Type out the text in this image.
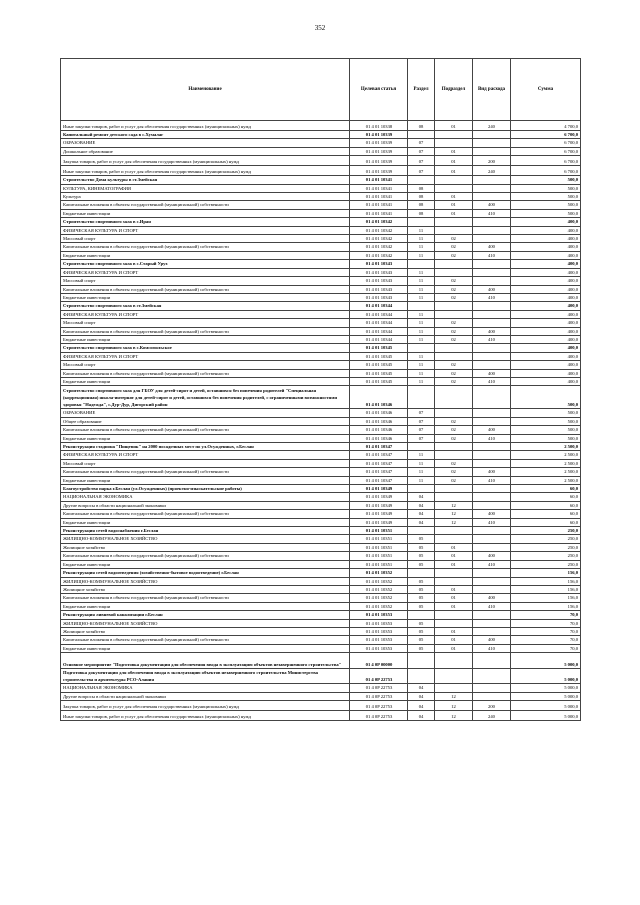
352
Наименование	Целевая статья	Раздел	Подраздел	Вид расхода	Сумма
Иные закупки товаров, работ и услуг для обеспечения государственных (муниципальных) нужд	01 4 01 10338	08	01	240	4 700,0
Капитальный ремонт детского сада в с.Хумалаг	01 4 01 10339				6 700,0
ОБРАЗОВАНИЕ	01 4 01 10339	07			6 700,0
Дошкольное образование	01 4 01 10339	07	01		6 700,0
Закупка товаров, работ и услуг для обеспечения государственных (муниципальных) нужд	01 4 01 10339	07	01	200	6 700,0
Иные закупки товаров, работ и услуг для обеспечения государственных (муниципальных) нужд	01 4 01 10339	07	01	240	6 700,0
Строительство Дома культуры в ст.Змейская	01 4 01 10341				500,0
КУЛЬТУРА, КИНЕМАТОГРАФИЯ	01 4 01 10341	08			500,0
Культура	01 4 01 10341	08	01		500,0
Капитальные вложения в объекты государственной (муниципальной) собственности	01 4 01 10341	08	01	400	500,0
Бюджетные инвестиции	01 4 01 10341	08	01	410	500,0
Строительство спортивного зала в с.Иран	01 4 01 10342				400,0
ФИЗИЧЕСКАЯ КУЛЬТУРА И СПОРТ	01 4 01 10342	11			400,0
Массовый спорт	01 4 01 10342	11	02		400,0
Капитальные вложения в объекты государственной (муниципальной) собственности	01 4 01 10342	11	02	400	400,0
Бюджетные инвестиции	01 4 01 10342	11	02	410	400,0
Строительство спортивного зала в с.Старый Урух	01 4 01 10343				400,0
ФИЗИЧЕСКАЯ КУЛЬТУРА И СПОРТ	01 4 01 10343	11			400,0
Массовый спорт	01 4 01 10343	11	02		400,0
Капитальные вложения в объекты государственной (муниципальной) собственности	01 4 01 10343	11	02	400	400,0
Бюджетные инвестиции	01 4 01 10343	11	02	410	400,0
Строительство спортивного зала в ст.Змейская	01 4 01 10344				400,0
ФИЗИЧЕСКАЯ КУЛЬТУРА И СПОРТ	01 4 01 10344	11			400,0
Массовый спорт	01 4 01 10344	11	02		400,0
Капитальные вложения в объекты государственной (муниципальной) собственности	01 4 01 10344	11	02	400	400,0
Бюджетные инвестиции	01 4 01 10344	11	02	410	400,0
Строительство спортивного зала в с.Комсомольское	01 4 01 10345				400,0
ФИЗИЧЕСКАЯ КУЛЬТУРА И СПОРТ	01 4 01 10345	11			400,0
Массовый спорт	01 4 01 10345	11	02		400,0
Капитальные вложения в объекты государственной (муниципальной) собственности	01 4 01 10345	11	02	400	400,0
Бюджетные инвестиции	01 4 01 10345	11	02	410	400,0
Строительство спортивного зала для ГБОУ для детей-сирот и детей, оставшихся без попечения родителей "Специальная (коррекционная) школа-интернат для детей-сирот и детей, оставшихся без попечения родителей, с ограниченными возможностями здоровья "Надежда", с.Дур-Дур, Дигорский район	01 4 01 10346				500,0
ОБРАЗОВАНИЕ	01 4 01 10346	07			500,0
Общее образование	01 4 01 10346	07	02		500,0
Капитальные вложения в объекты государственной (муниципальной) собственности	01 4 01 10346	07	02	400	500,0
Бюджетные инвестиции	01 4 01 10346	07	02	410	500,0
Реконструкция стадиона "Пищевик" на 2000 посадочных мест по ул.Осужденных, г.Беслан	01 4 01 10347				2 500,0
ФИЗИЧЕСКАЯ КУЛЬТУРА И СПОРТ	01 4 01 10347	11			2 500,0
Массовый спорт	01 4 01 10347	11	02		2 500,0
Капитальные вложения в объекты государственной (муниципальной) собственности	01 4 01 10347	11	02	400	2 500,0
Бюджетные инвестиции	01 4 01 10347	11	02	410	2 500,0
Благоустройство парка г.Беслан (ул.Осужденных) (проектно-изыскательские работы)	01 4 01 10349				60,0
НАЦИОНАЛЬНАЯ ЭКОНОМИКА	01 4 01 10349	04			60,0
Другие вопросы в области национальной экономики	01 4 01 10349	04	12		60,0
Капитальные вложения в объекты государственной (муниципальной) собственности	01 4 01 10349	04	12	400	60,0
Бюджетные инвестиции	01 4 01 10349	04	12	410	60,0
Реконструкция сетей водоснабжения г.Беслан	01 4 01 10351				250,0
ЖИЛИЩНО-КОММУНАЛЬНОЕ ХОЗЯЙСТВО	01 4 01 10351	05			250,0
Жилищное хозяйство	01 4 01 10351	05	01		250,0
Капитальные вложения в объекты государственной (муниципальной) собственности	01 4 01 10351	05	01	400	250,0
Бюджетные инвестиции	01 4 01 10351	05	01	410	250,0
Реконструкция сетей водоотведения (хозяйственно-бытовое водоотведение) г.Беслан	01 4 01 10352				156,0
ЖИЛИЩНО-КОММУНАЛЬНОЕ ХОЗЯЙСТВО	01 4 01 10352	05			156,0
Жилищное хозяйство	01 4 01 10352	05	01		156,0
Капитальные вложения в объекты государственной (муниципальной) собственности	01 4 01 10352	05	01	400	156,0
Бюджетные инвестиции	01 4 01 10352	05	01	410	156,0
Реконструкция ливневой канализации г.Беслан	01 4 01 10353				70,0
ЖИЛИЩНО-КОММУНАЛЬНОЕ ХОЗЯЙСТВО	01 4 01 10353	05			70,0
Жилищное хозяйство	01 4 01 10353	05	01		70,0
Капитальные вложения в объекты государственной (муниципальной) собственности	01 4 01 10353	05	01	400	70,0
Бюджетные инвестиции	01 4 01 10353	05	01	410	70,0
Основное мероприятие "Подготовка документации для обеспечения ввода в эксплуатацию объектов незавершенного строительства"	01 4 0P 00000				5 000,0
Подготовка документации для обеспечения ввода в эксплуатацию объектов незавершенного строительства Министерства строительства и архитектуры РСО-Алания	01 4 0P 22753				5 000,0
НАЦИОНАЛЬНАЯ ЭКОНОМИКА	01 4 0P 22753	04			5 000,0
Другие вопросы в области национальной экономики	01 4 0P 22753	04	12		5 000,0
Закупка товаров, работ и услуг для обеспечения государственных (муниципальных) нужд	01 4 0P 22753	04	12	200	5 000,0
Иные закупки товаров, работ и услуг для обеспечения государственных (муниципальных) нужд	01 4 0P 22753	04	12	240	5 000,0
